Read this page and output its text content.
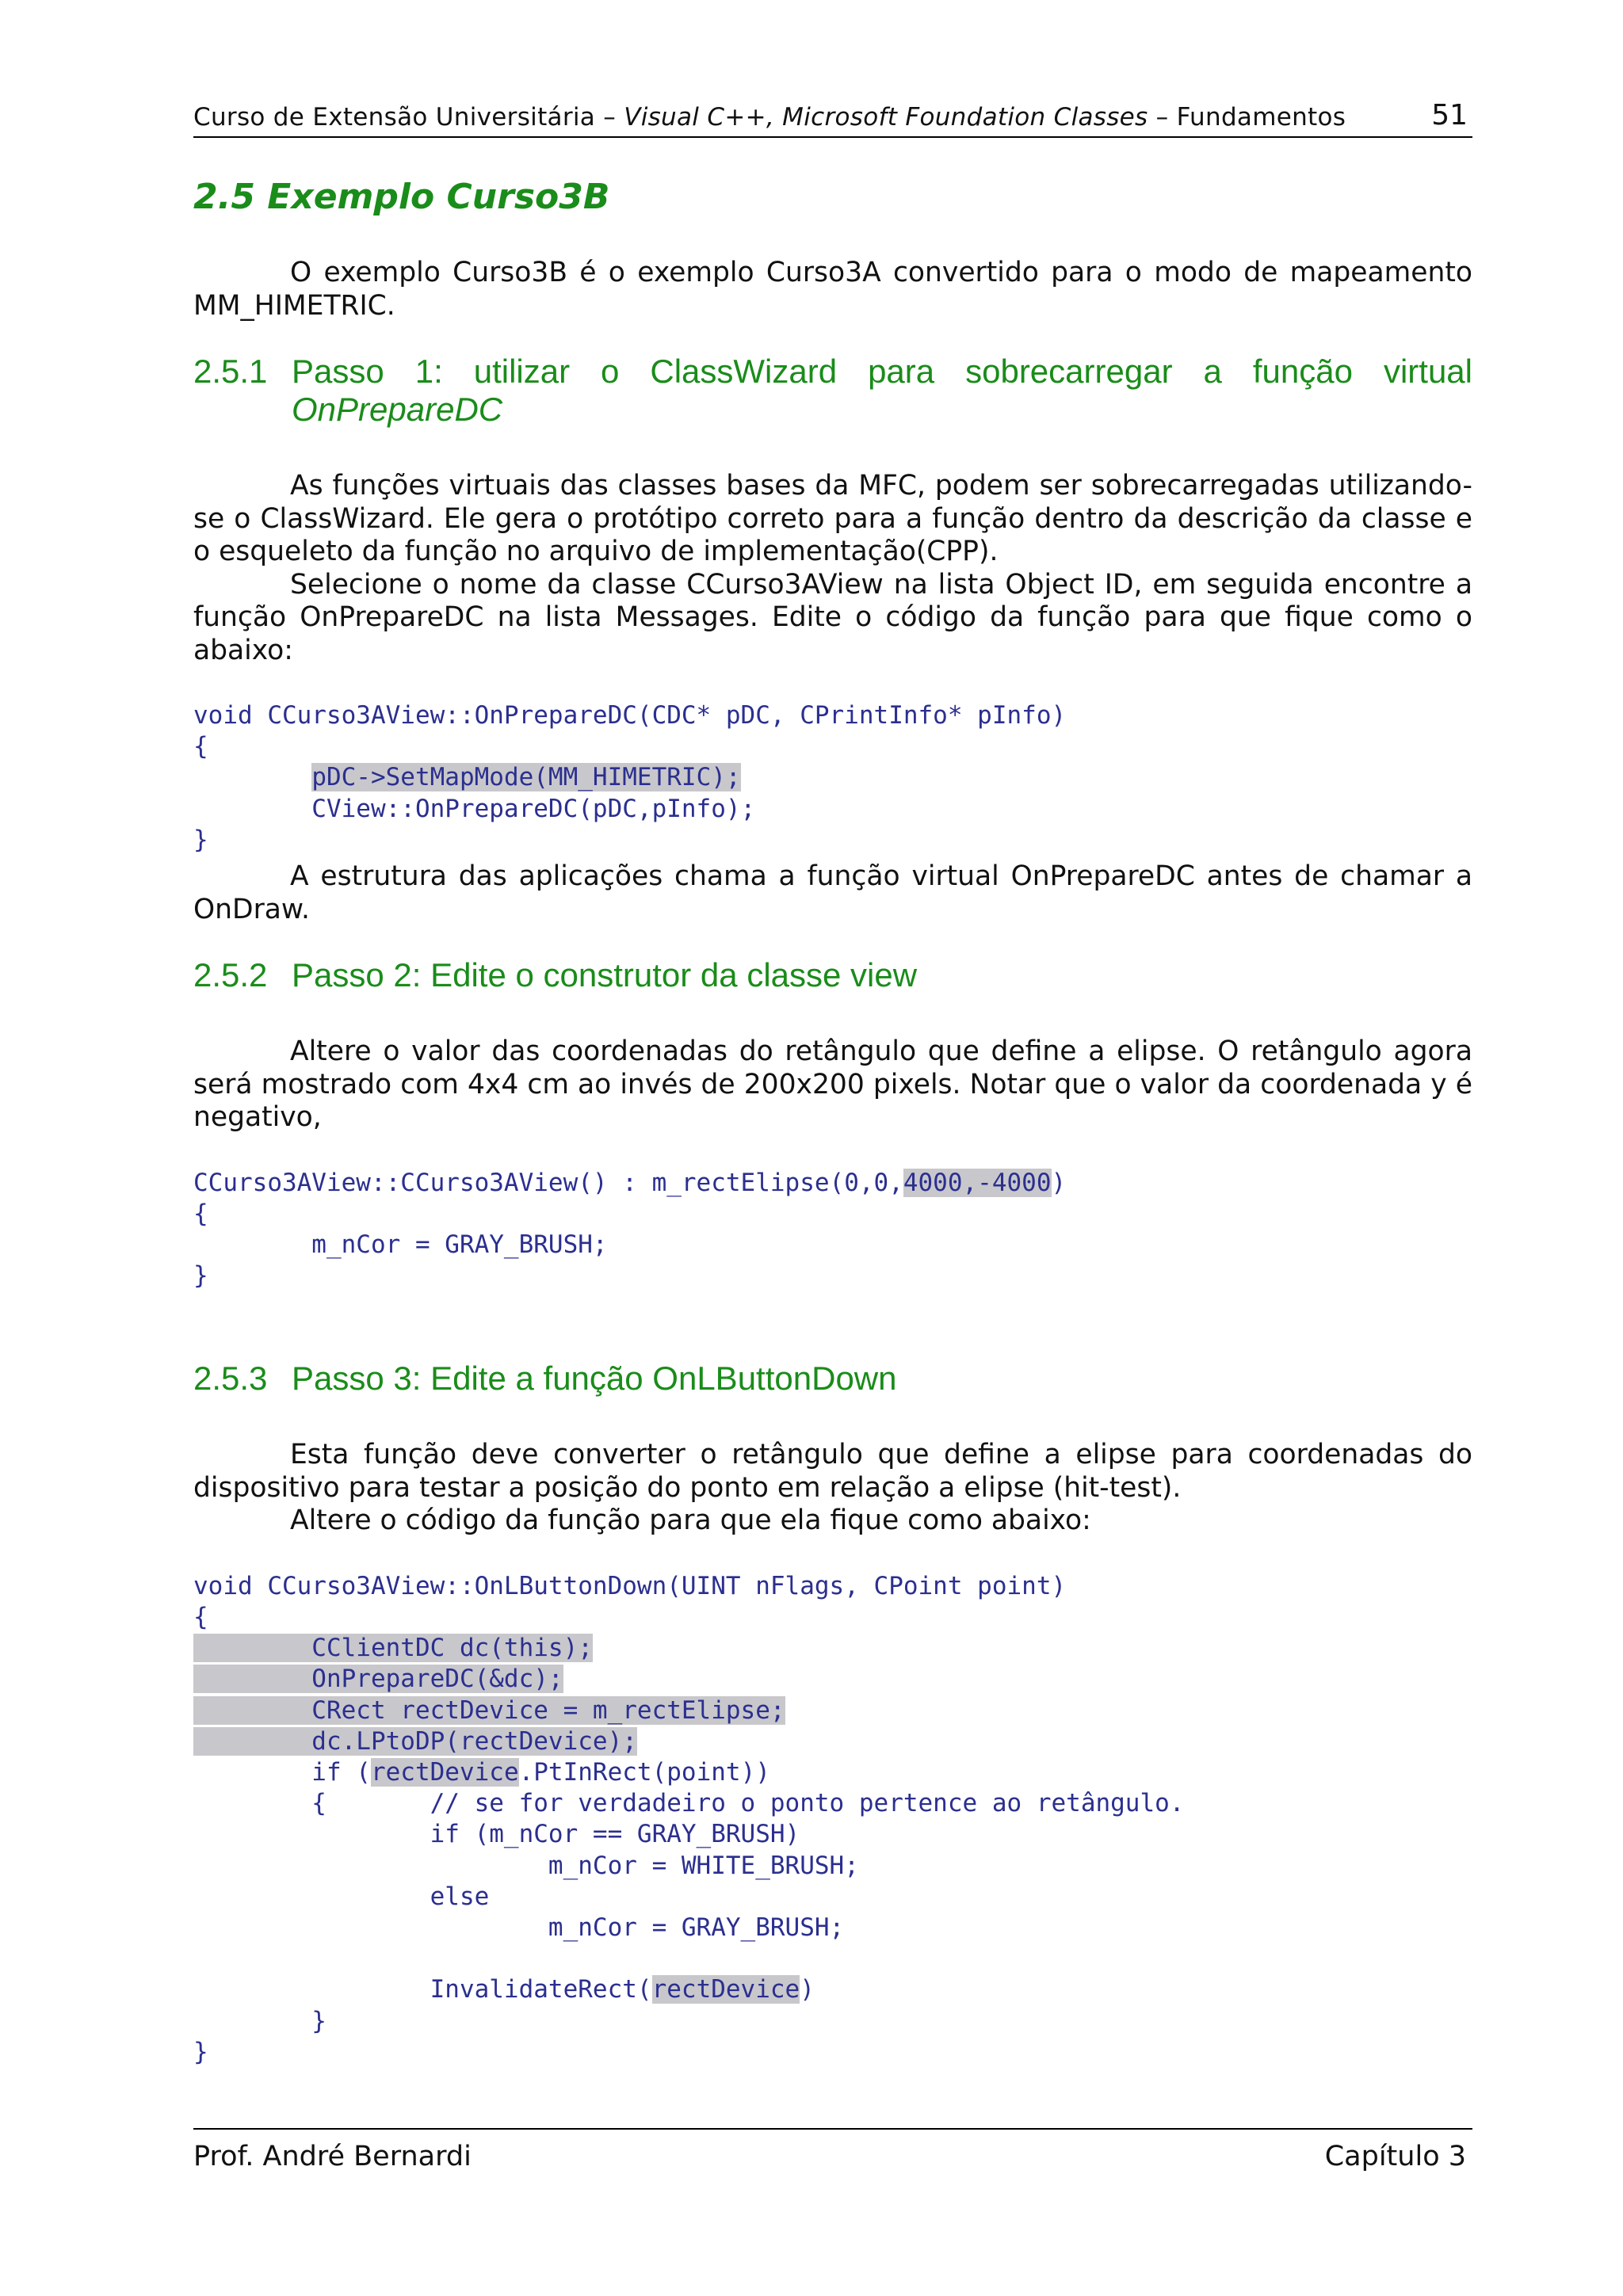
Curso de Extensão Universitária – Visual C++, Microsoft Foundation Classes – Fundamentos	51
2.5 Exemplo Curso3B

O exemplo Curso3B é o exemplo Curso3A convertido para o modo de mapeamento MM_HIMETRIC.

2.5.1 Passo 1: utilizar o ClassWizard para sobrecarregar a função virtual
OnPrepareDC

As funções virtuais das classes bases da MFC, podem ser sobrecarregadas utilizando-se o ClassWizard. Ele gera o protótipo correto para a função dentro da descrição da classe e o esqueleto da função no arquivo de implementação(CPP).

Selecione o nome da classe CCurso3AView na lista Object ID, em seguida encontre a função OnPrepareDC na lista Messages. Edite o código da função para que fique como o abaixo:

void CCurso3AView::OnPrepareDC(CDC* pDC, CPrintInfo* pInfo)
{
pDC->SetMapMode(MM_HIMETRIC);
CView::OnPrepareDC(pDC,pInfo);
}

A estrutura das aplicações chama a função virtual OnPrepareDC antes de chamar a OnDraw.

2.5.2 Passo 2: Edite o construtor da classe view

Altere o valor das coordenadas do retângulo que define a elipse. O retângulo agora será mostrado com 4x4 cm ao invés de 200x200 pixels. Notar que o valor da coordenada y é negativo,

CCurso3AView::CCurso3AView() : m_rectElipse(0,0,4000,-4000)
{
m_nCor = GRAY_BRUSH;
}
2.5.3 Passo 3: Edite a função OnLButtonDown

Esta função deve converter o retângulo que define a elipse para coordenadas do dispositivo para testar a posição do ponto em relação a elipse (hit-test).

Altere o código da função para que ela fique como abaixo:

void CCurso3AView::OnLButtonDown(UINT nFlags, CPoint point)
{
CClientDC dc(this);
OnPrepareDC(&dc);
CRect rectDevice = m_rectElipse;
dc.LPtoDP(rectDevice);
if (rectDevice.PtInRect(point))
{       // se for verdadeiro o ponto pertence ao retângulo.
if (m_nCor == GRAY_BRUSH)
m_nCor = WHITE_BRUSH;
else
m_nCor = GRAY_BRUSH;

InvalidateRect(rectDevice)
}
}
Prof. André Bernardi	Capítulo 3
